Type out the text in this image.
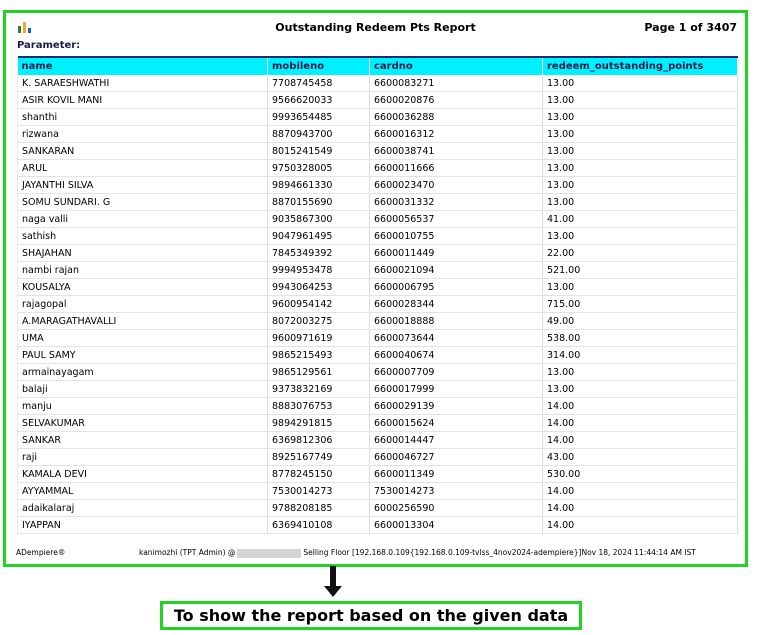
Outstanding Redeem Pts Report	Page 1 of 3407
Parameter:
name	mobileno	cardno	redeem_outstanding_points
K. SARAESHWATHI	7708745458	6600083271	13.00
ASIR KOVIL MANI	9566620033	6600020876	13.00
shanthi	9993654485	6600036288	13.00
rizwana	8870943700	6600016312	13.00
SANKARAN	8015241549	6600038741	13.00
ARUL	9750328005	6600011666	13.00
JAYANTHI SILVA	9894661330	6600023470	13.00
SOMU SUNDARI. G	8870155690	6600031332	13.00
naga valli	9035867300	6600056537	41.00
sathish	9047961495	6600010755	13.00
SHAJAHAN	7845349392	6600011449	22.00
nambi rajan	9994953478	6600021094	521.00
KOUSALYA	9943064253	6600006795	13.00
rajagopal	9600954142	6600028344	715.00
A.MARAGATHAVALLI	8072003275	6600018888	49.00
UMA	9600971619	6600073644	538.00
PAUL SAMY	9865215493	6600040674	314.00
armainayagam	9865129561	6600007709	13.00
balaji	9373832169	6600017999	13.00
manju	8883076753	6600029139	14.00
SELVAKUMAR	9894291815	6600015624	14.00
SANKAR	6369812306	6600014447	14.00
raji	8925167749	6600046727	43.00
KAMALA DEVI	8778245150	6600011349	530.00
AYYAMMAL	7530014273	7530014273	14.00
adaikalaraj	9788208185	6000256590	14.00
IYAPPAN	6369410108	6600013304	14.00
ADempiere®	kanimozhi (TPT Admin) @	Selling Floor [192.168.0.109{192.168.0.109-tvlss_4nov2024-adempiere}]Nov 18, 2024 11:44:14 AM IST
To show the report based on the given data
